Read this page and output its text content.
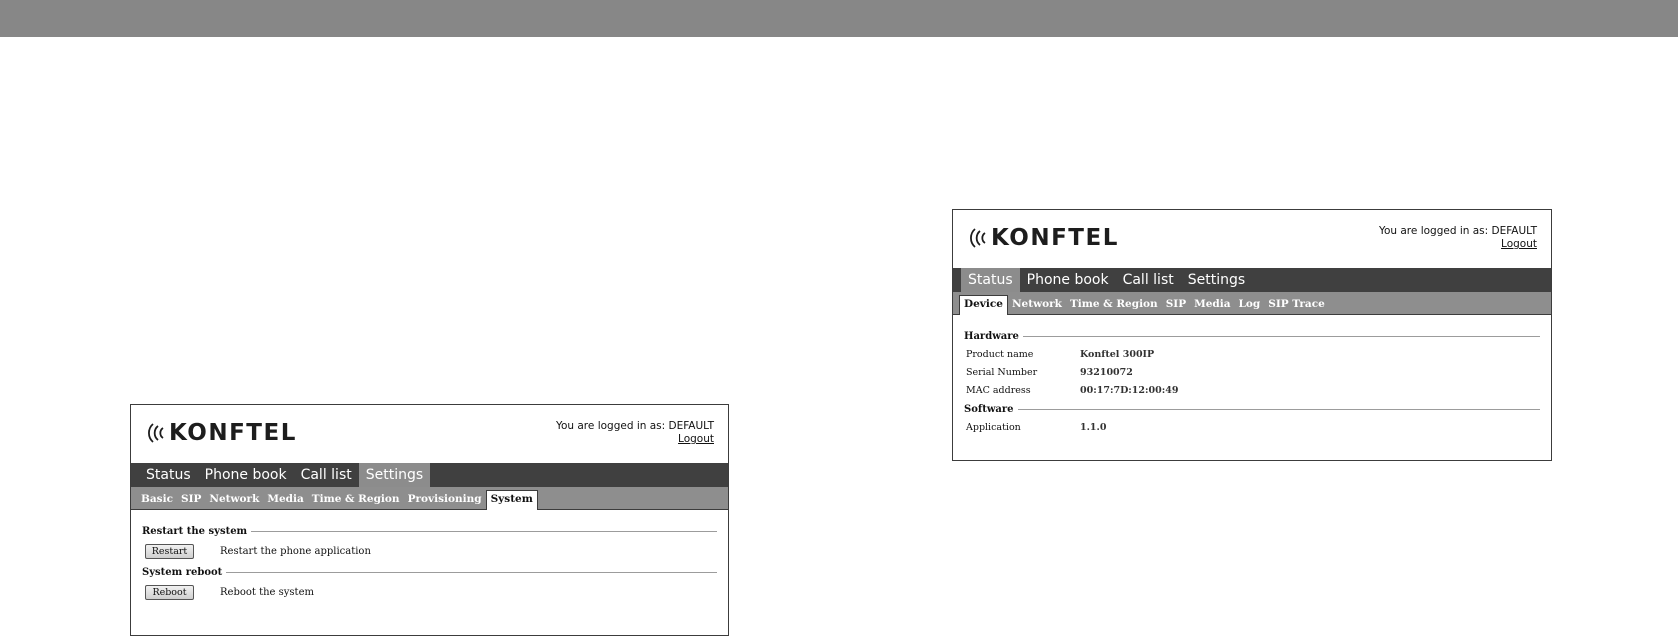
KONFTEL	You are logged in as: DEFAULT
Logout
Status	Phone book	Call list	Settings
Basic SIP Network Media Time & Region Provisioning System
Restart the system
Restart	Restart the phone application
System reboot
Reboot	Reboot the system
KONFTEL	You are logged in as: DEFAULT
Logout
Status	Phone book	Call list	Settings
Device Network Time & Region SIP Media Log SIP Trace
Hardware
Product name	Konftel 300IP
Serial Number	93210072
MAC address	00:17:7D:12:00:49
Software
Application	1.1.0
